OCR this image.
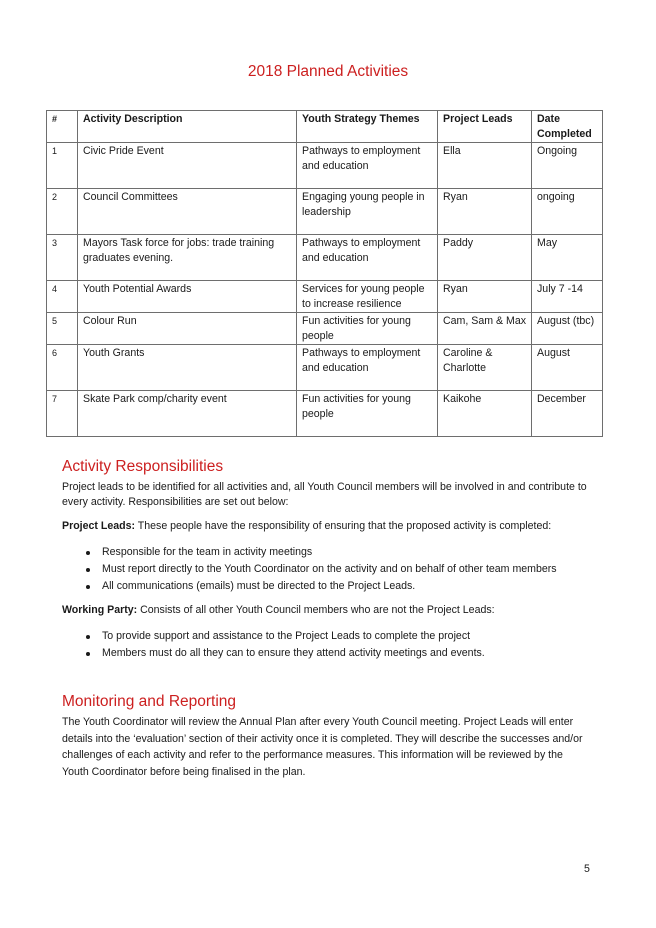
2018 Planned Activities
#	Activity Description	Youth Strategy Themes	Project Leads	Date Completed
1	Civic Pride Event	Pathways to employment and education	Ella	Ongoing
2	Council Committees	Engaging young people in leadership	Ryan	ongoing
3	Mayors Task force for jobs: trade training graduates evening.	Pathways to employment and education	Paddy	May
4	Youth Potential Awards	Services for young people to increase resilience	Ryan	July 7 -14
5	Colour Run	Fun activities for young people	Cam, Sam & Max	August (tbc)
6	Youth Grants	Pathways to employment and education	Caroline & Charlotte	August
7	Skate Park comp/charity event	Fun activities for young people	Kaikohe	December
Activity Responsibilities

Project leads to be identified for all activities and, all Youth Council members will be involved in and contribute to every activity. Responsibilities are set out below:

Project Leads: These people have the responsibility of ensuring that the proposed activity is completed:

Responsible for the team in activity meetings
Must report directly to the Youth Coordinator on the activity and on behalf of other team members
All communications (emails) must be directed to the Project Leads.

Working Party: Consists of all other Youth Council members who are not the Project Leads:

To provide support and assistance to the Project Leads to complete the project
Members must do all they can to ensure they attend activity meetings and events.
Monitoring and Reporting

The Youth Coordinator will review the Annual Plan after every Youth Council meeting. Project Leads will enter details into the ‘evaluation’ section of their activity once it is completed. They will describe the successes and/or challenges of each activity and refer to the performance measures. This information will be reviewed by the Youth Coordinator before being finalised in the plan.

5
